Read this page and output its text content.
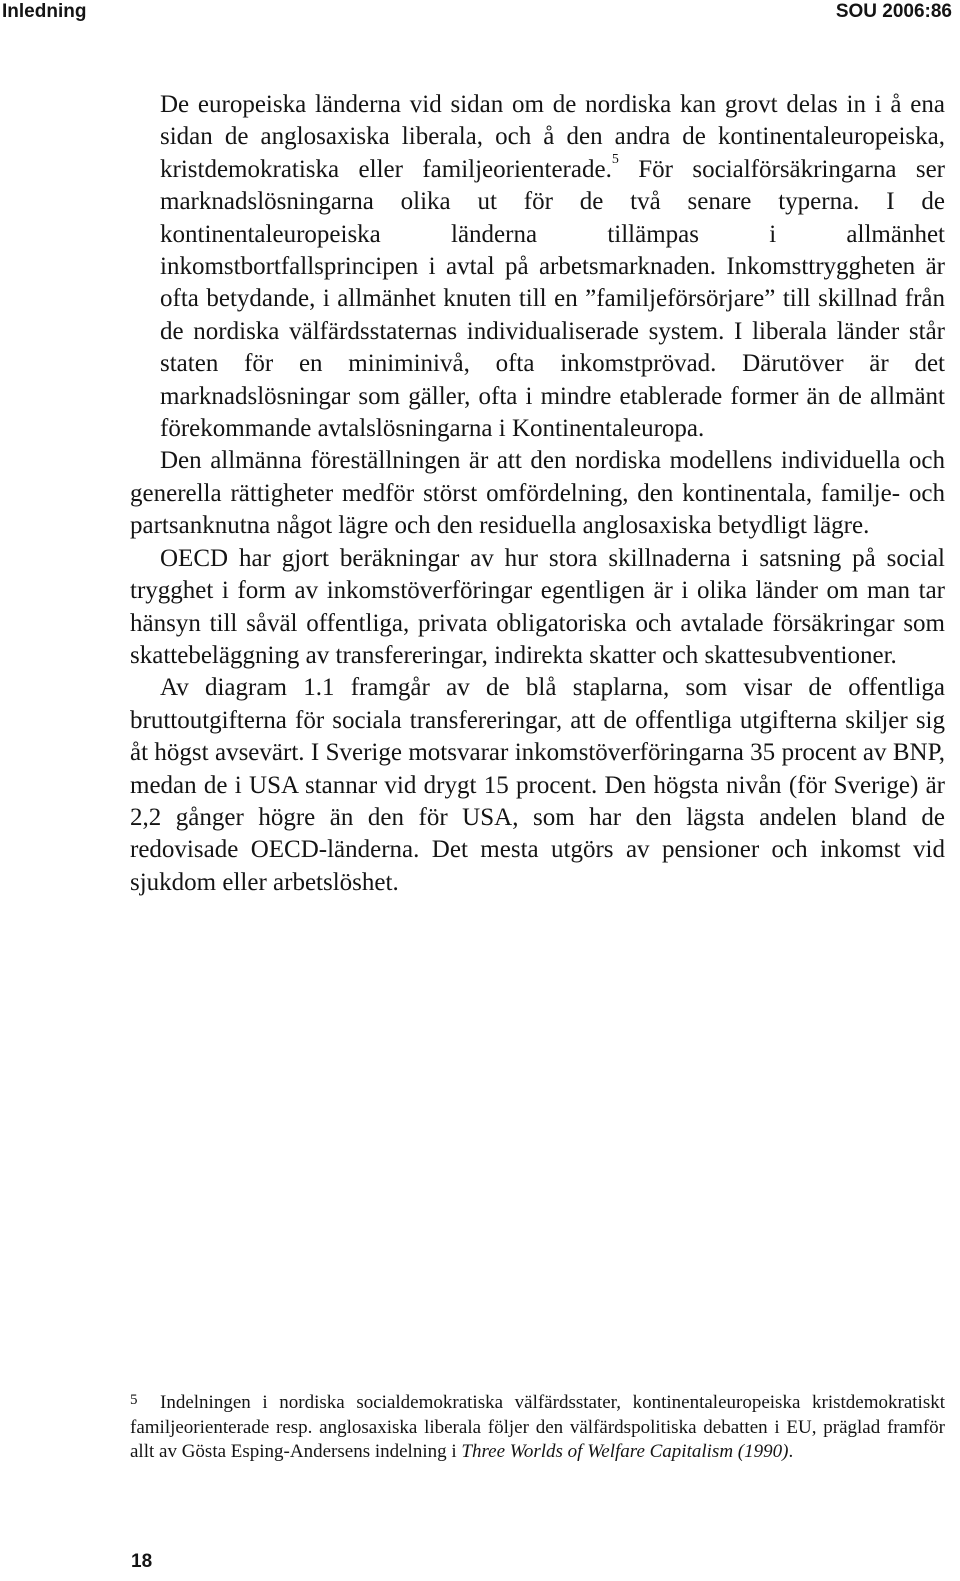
Inledning	SOU 2006:86

De europeiska länderna vid sidan om de nordiska kan grovt delas in i å ena sidan de anglosaxiska liberala, och å den andra de kontinentaleuropeiska, kristdemokratiska eller familjeorienterade.$^5$ För socialförsäkringarna ser marknadslösningarna olika ut för de två senare typerna. I de kontinentaleuropeiska länderna tillämpas i allmänhet inkomstbortfallsprincipen i avtal på arbetsmarknaden. Inkomsttryggheten är ofta betydande, i allmänhet knuten till en ”familjeförsörjare” till skillnad från de nordiska välfärdsstaternas individualiserade system. I liberala länder står staten för en miniminivå, ofta inkomstprövad. Därutöver är det marknadslösningar som gäller, ofta i mindre etablerade former än de allmänt förekommande avtalslösningarna i Kontinentaleuropa.

Den allmänna föreställningen är att den nordiska modellens individuella och generella rättigheter medför störst omfördelning, den kontinentala, familje- och partsanknutna något lägre och den residuella anglosaxiska betydligt lägre.

OECD har gjort beräkningar av hur stora skillnaderna i satsning på social trygghet i form av inkomstöverföringar egentligen är i olika länder om man tar hänsyn till såväl offentliga, privata obligatoriska och avtalade försäkringar som skattebeläggning av transfereringar, indirekta skatter och skattesubventioner.

Av diagram 1.1 framgår av de blå staplarna, som visar de offentliga bruttoutgifterna för sociala transfereringar, att de offentliga utgifterna skiljer sig åt högst avsevärt. I Sverige motsvarar inkomstöverföringarna 35 procent av BNP, medan de i USA stannar vid drygt 15 procent. Den högsta nivån (för Sverige) är 2,2 gånger högre än den för USA, som har den lägsta andelen bland de redovisade OECD-länderna. Det mesta utgörs av pensioner och inkomst vid sjukdom eller arbetslöshet.

5 Indelningen i nordiska socialdemokratiska välfärdsstater, kontinentaleuropeiska kristdemokratiskt familjeorienterade resp. anglosaxiska liberala följer den välfärdspolitiska debatten i EU, präglad framför allt av Gösta Esping-Andersens indelning i Three Worlds of Welfare Capitalism (1990).
18
